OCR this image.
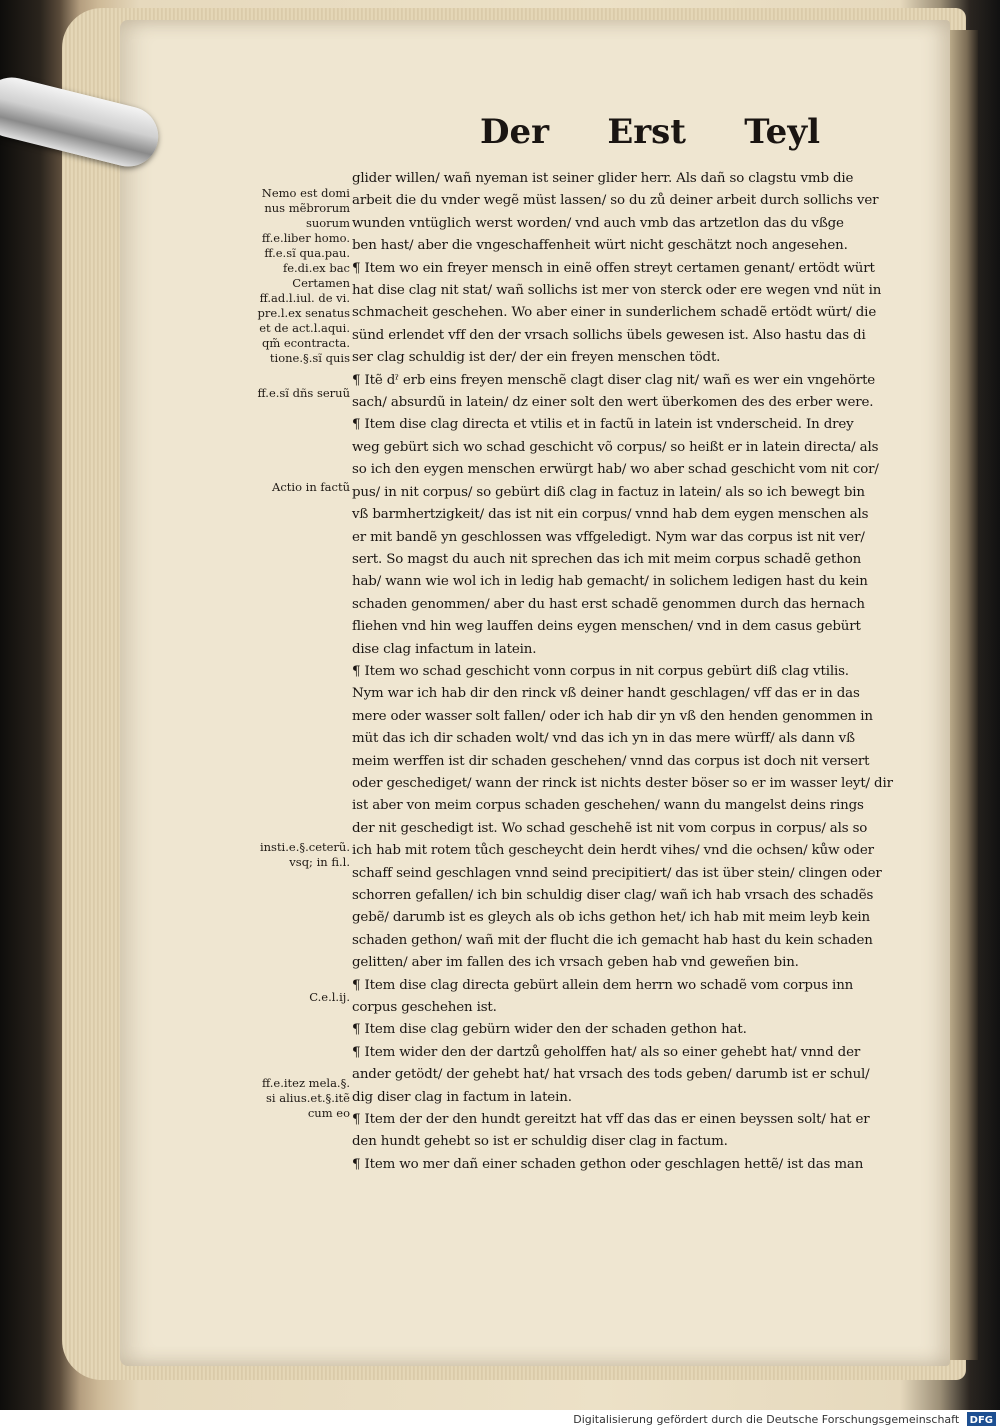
Der Erst Teyl
Nemo est domi
nus mẽbrorum
suorum
ff.e.liber homo.
ff.e.sĩ qua.pau.
fe.di.ex bac
Certamen
ff.ad.l.iul. de vi.
pre.l.ex senatus
et de act.l.aqui.
qm̃ econtracta.
tione.§.sĩ quis
ff.e.sĩ dñs seruũ
Actio in factũ
insti.e.§.ceterũ.
vsq; in fi.l.
C.e.l.ij.
ff.e.itez mela.§.
si alius.et.§.itẽ
cum eo
glider willen/ wañ nyeman ist seiner glider herr. Als dañ so clagstu vmb die
arbeit die du vnder wegẽ müst lassen/ so du zů deiner arbeit durch sollichs ver
wunden vntüglich werst worden/ vnd auch vmb das artzetlon das du vßge
ben hast/ aber die vngeschaffenheit würt nicht geschätzt noch angesehen.
¶ Item wo ein freyer mensch in einẽ offen streyt certamen genant/ ertödt würt
hat dise clag nit stat/ wañ sollichs ist mer von sterck oder ere wegen vnd nüt in
schmacheit geschehen. Wo aber einer in sunderlichem schadẽ ertödt würt/ die
sünd erlendet vff den der vrsach sollichs übels gewesen ist. Also hastu das di
ser clag schuldig ist der/ der ein freyen menschen tödt.
¶ Itẽ dˀ erb eins freyen menschẽ clagt diser clag nit/ wañ es wer ein vngehörte
sach/ absurdũ in latein/ dz einer solt den wert überkomen des des erber were.
¶ Item dise clag directa et vtilis et in factũ in latein ist vnderscheid. In drey
weg gebürt sich wo schad geschicht võ corpus/ so heißt er in latein directa/ als
so ich den eygen menschen erwürgt hab/ wo aber schad geschicht vom nit cor/
pus/ in nit corpus/ so gebürt diß clag in factuz in latein/ als so ich bewegt bin
vß barmhertzigkeit/ das ist nit ein corpus/ vnnd hab dem eygen menschen als
er mit bandẽ yn geschlossen was vffgeledigt. Nym war das corpus ist nit ver/
sert. So magst du auch nit sprechen das ich mit meim corpus schadẽ gethon
hab/ wann wie wol ich in ledig hab gemacht/ in solichem ledigen hast du kein
schaden genommen/ aber du hast erst schadẽ genommen durch das hernach
fliehen vnd hin weg lauffen deins eygen menschen/ vnd in dem casus gebürt
dise clag infactum in latein.
¶ Item wo schad geschicht vonn corpus in nit corpus gebürt diß clag vtilis.
Nym war ich hab dir den rinck vß deiner handt geschlagen/ vff das er in das
mere oder wasser solt fallen/ oder ich hab dir yn vß den henden genommen in
müt das ich dir schaden wolt/ vnd das ich yn in das mere würff/ als dann vß
meim werffen ist dir schaden geschehen/ vnnd das corpus ist doch nit versert
oder geschediget/ wann der rinck ist nichts dester böser so er im wasser leyt/ dir
ist aber von meim corpus schaden geschehen/ wann du mangelst deins rings
der nit geschedigt ist. Wo schad geschehẽ ist nit vom corpus in corpus/ als so
ich hab mit rotem tůch gescheycht dein herdt vihes/ vnd die ochsen/ kůw oder
schaff seind geschlagen vnnd seind precipitiert/ das ist über stein/ clingen oder
schorren gefallen/ ich bin schuldig diser clag/ wañ ich hab vrsach des schadẽs
gebẽ/ darumb ist es gleych als ob ichs gethon het/ ich hab mit meim leyb kein
schaden gethon/ wañ mit der flucht die ich gemacht hab hast du kein schaden
gelitten/ aber im fallen des ich vrsach geben hab vnd geweñen bin.
¶ Item dise clag directa gebürt allein dem herrn wo schadẽ vom corpus inn
corpus geschehen ist.
¶ Item dise clag gebürn wider den der schaden gethon hat.
¶ Item wider den der dartzů geholffen hat/ als so einer gehebt hat/ vnnd der
ander getödt/ der gehebt hat/ hat vrsach des tods geben/ darumb ist er schul/
dig diser clag in factum in latein.
¶ Item der der den hundt gereitzt hat vff das das er einen beyssen solt/ hat er
den hundt gehebt so ist er schuldig diser clag in factum.
¶ Item wo mer dañ einer schaden gethon oder geschlagen hettẽ/ ist das man
Digitalisierung gefördert durch die Deutsche Forschungsgemeinschaft DFG
